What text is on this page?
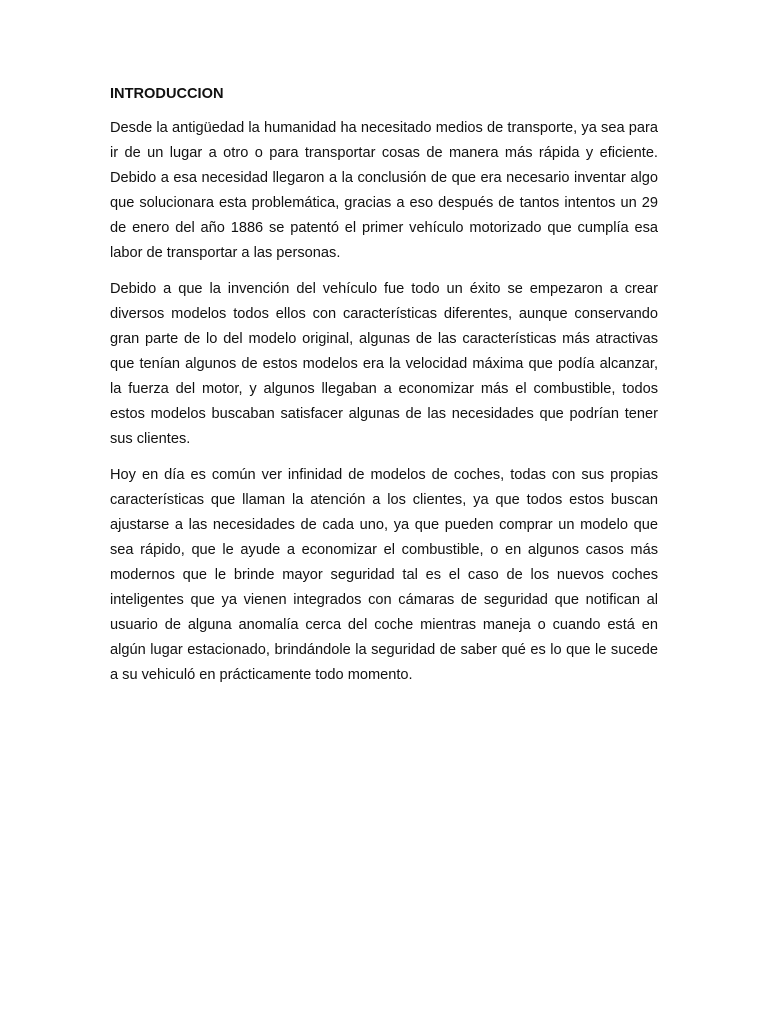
INTRODUCCION

Desde la antigüedad la humanidad ha necesitado medios de transporte, ya sea para ir de un lugar a otro o para transportar cosas de manera más rápida y eficiente. Debido a esa necesidad llegaron a la conclusión de que era necesario inventar algo que solucionara esta problemática, gracias a eso después de tantos intentos un 29 de enero del año 1886 se patentó el primer vehículo motorizado que cumplía esa labor de transportar a las personas.

Debido a que la invención del vehículo fue todo un éxito se empezaron a crear diversos modelos todos ellos con características diferentes, aunque conservando gran parte de lo del modelo original, algunas de las características más atractivas que tenían algunos de estos modelos era la velocidad máxima que podía alcanzar, la fuerza del motor, y algunos llegaban a economizar más el combustible, todos estos modelos buscaban satisfacer algunas de las necesidades que podrían tener sus clientes.

Hoy en día es común ver infinidad de modelos de coches, todas con sus propias características que llaman la atención a los clientes, ya que todos estos buscan ajustarse a las necesidades de cada uno, ya que pueden comprar un modelo que sea rápido, que le ayude a economizar el combustible, o en algunos casos más modernos que le brinde mayor seguridad tal es el caso de los nuevos coches inteligentes que ya vienen integrados con cámaras de seguridad que notifican al usuario de alguna anomalía cerca del coche mientras maneja o cuando está en algún lugar estacionado, brindándole la seguridad de saber qué es lo que le sucede a su vehiculó en prácticamente todo momento.
